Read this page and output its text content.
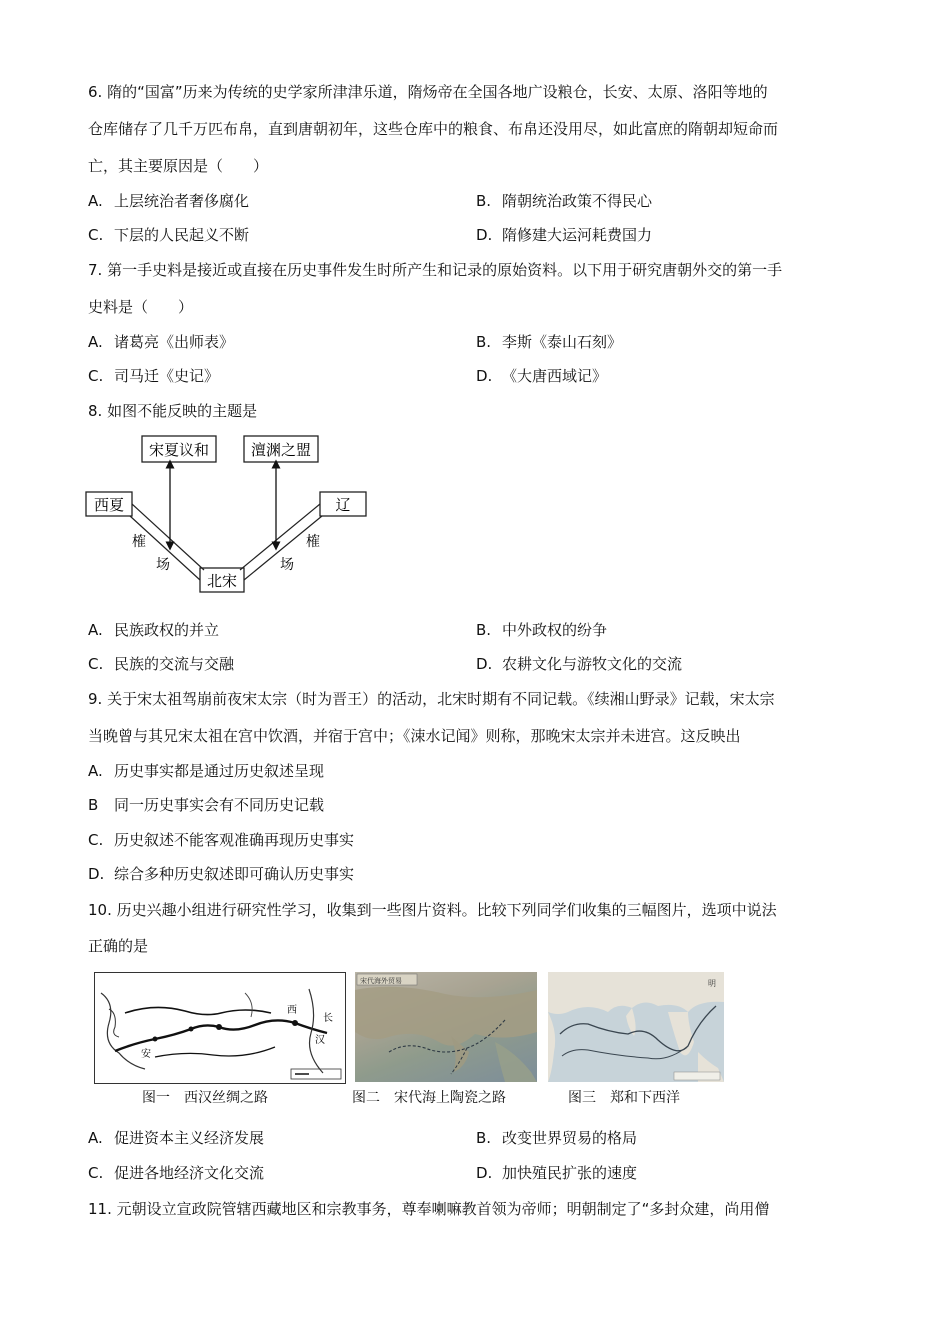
6. 隋的“国富”历来为传统的史学家所津津乐道，隋炀帝在全国各地广设粮仓，长安、太原、洛阳等地的
仓库储存了几千万匹布帛，直到唐朝初年，这些仓库中的粮食、布帛还没用尽，如此富庶的隋朝却短命而
亡，其主要原因是（　　）
A. 上层统治者奢侈腐化	B. 隋朝统治政策不得民心
C. 下层的人民起义不断	D. 隋修建大运河耗费国力
7. 第一手史料是接近或直接在历史事件发生时所产生和记录的原始资料。以下用于研究唐朝外交的第一手
史料是（　　）
A. 诸葛亮《出师表》	B. 李斯《泰山石刻》
C. 司马迁《史记》	D. 《大唐西域记》
8. 如图不能反映的主题是
宋夏议和	澶渊之盟
西夏	辽
北宋
榷
场
榷
场
A. 民族政权的并立	B. 中外政权的纷争
C. 民族的交流与交融	D. 农耕文化与游牧文化的交流
9. 关于宋太祖驾崩前夜宋太宗（时为晋王）的活动，北宋时期有不同记载。《续湘山野录》记载，宋太宗
当晚曾与其兄宋太祖在宫中饮酒，并宿于宫中；《涑水记闻》则称，那晚宋太宗并未进宫。这反映出
A. 历史事实都是通过历史叙述呈现
B 同一历史事实会有不同历史记载
C. 历史叙述不能客观准确再现历史事实
D. 综合多种历史叙述即可确认历史事实
10. 历史兴趣小组进行研究性学习，收集到一些图片资料。比较下列同学们收集的三幅图片，选项中说法
正确的是
西
安
汉
长
宋代海外贸易	明
图一　西汉丝绸之路	图二　宋代海上陶瓷之路	图三　郑和下西洋
A. 促进资本主义经济发展	B. 改变世界贸易的格局
C. 促进各地经济文化交流	D. 加快殖民扩张的速度
11. 元朝设立宣政院管辖西藏地区和宗教事务，尊奉喇嘛教首领为帝师；明朝制定了“多封众建，尚用僧
